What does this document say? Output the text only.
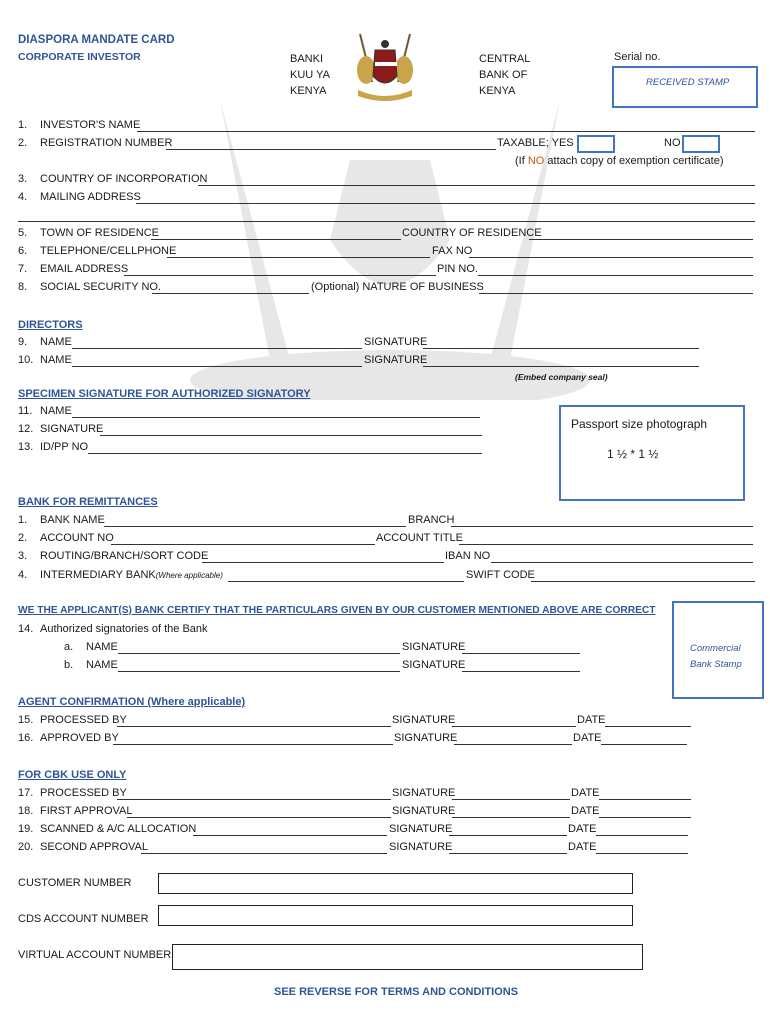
DIASPORA MANDATE CARD
CORPORATE INVESTOR	BANKI
KUU YA
KENYA
CENTRAL
BANK OF
KENYA
Serial no.
RECEIVED STAMP
1. INVESTOR'S NAME
2. REGISTRATION NUMBER	TAXABLE; YES	NO
(If NO attach copy of exemption certificate)
3. COUNTRY OF INCORPORATION
4. MAILING ADDRESS
5. TOWN OF RESIDENCE	COUNTRY OF RESIDENCE
6. TELEPHONE/CELLPHONE	FAX NO
7. EMAIL ADDRESS	PIN NO.
8. SOCIAL SECURITY NO.	(Optional) NATURE OF BUSINESS
DIRECTORS
9. NAME	SIGNATURE
10. NAME	SIGNATURE
(Embed company seal)
SPECIMEN SIGNATURE FOR AUTHORIZED SIGNATORY
11. NAME
12. SIGNATURE
13. ID/PP NO
Passport size photograph
1 ½ * 1 ½
BANK FOR REMITTANCES
1. BANK NAME	BRANCH
2. ACCOUNT NO	ACCOUNT TITLE
3. ROUTING/BRANCH/SORT CODE	IBAN NO
4. INTERMEDIARY BANK(Where applicable)	SWIFT CODE
WE THE APPLICANT(S) BANK CERTIFY THAT THE PARTICULARS GIVEN BY OUR CUSTOMER MENTIONED ABOVE ARE CORRECT
14. Authorized signatories of the Bank
a. NAME	SIGNATURE
b. NAME	SIGNATURE
Commercial
Bank Stamp
AGENT CONFIRMATION (Where applicable)
15. PROCESSED BY	SIGNATURE	DATE
16. APPROVED BY	SIGNATURE	DATE
FOR CBK USE ONLY
17. PROCESSED BY	SIGNATURE	DATE
18. FIRST APPROVAL	SIGNATURE	DATE
19. SCANNED & A/C ALLOCATION	SIGNATURE	DATE
20. SECOND APPROVAL	SIGNATURE	DATE
CUSTOMER NUMBER
CDS ACCOUNT NUMBER
VIRTUAL ACCOUNT NUMBER
SEE REVERSE FOR TERMS AND CONDITIONS
